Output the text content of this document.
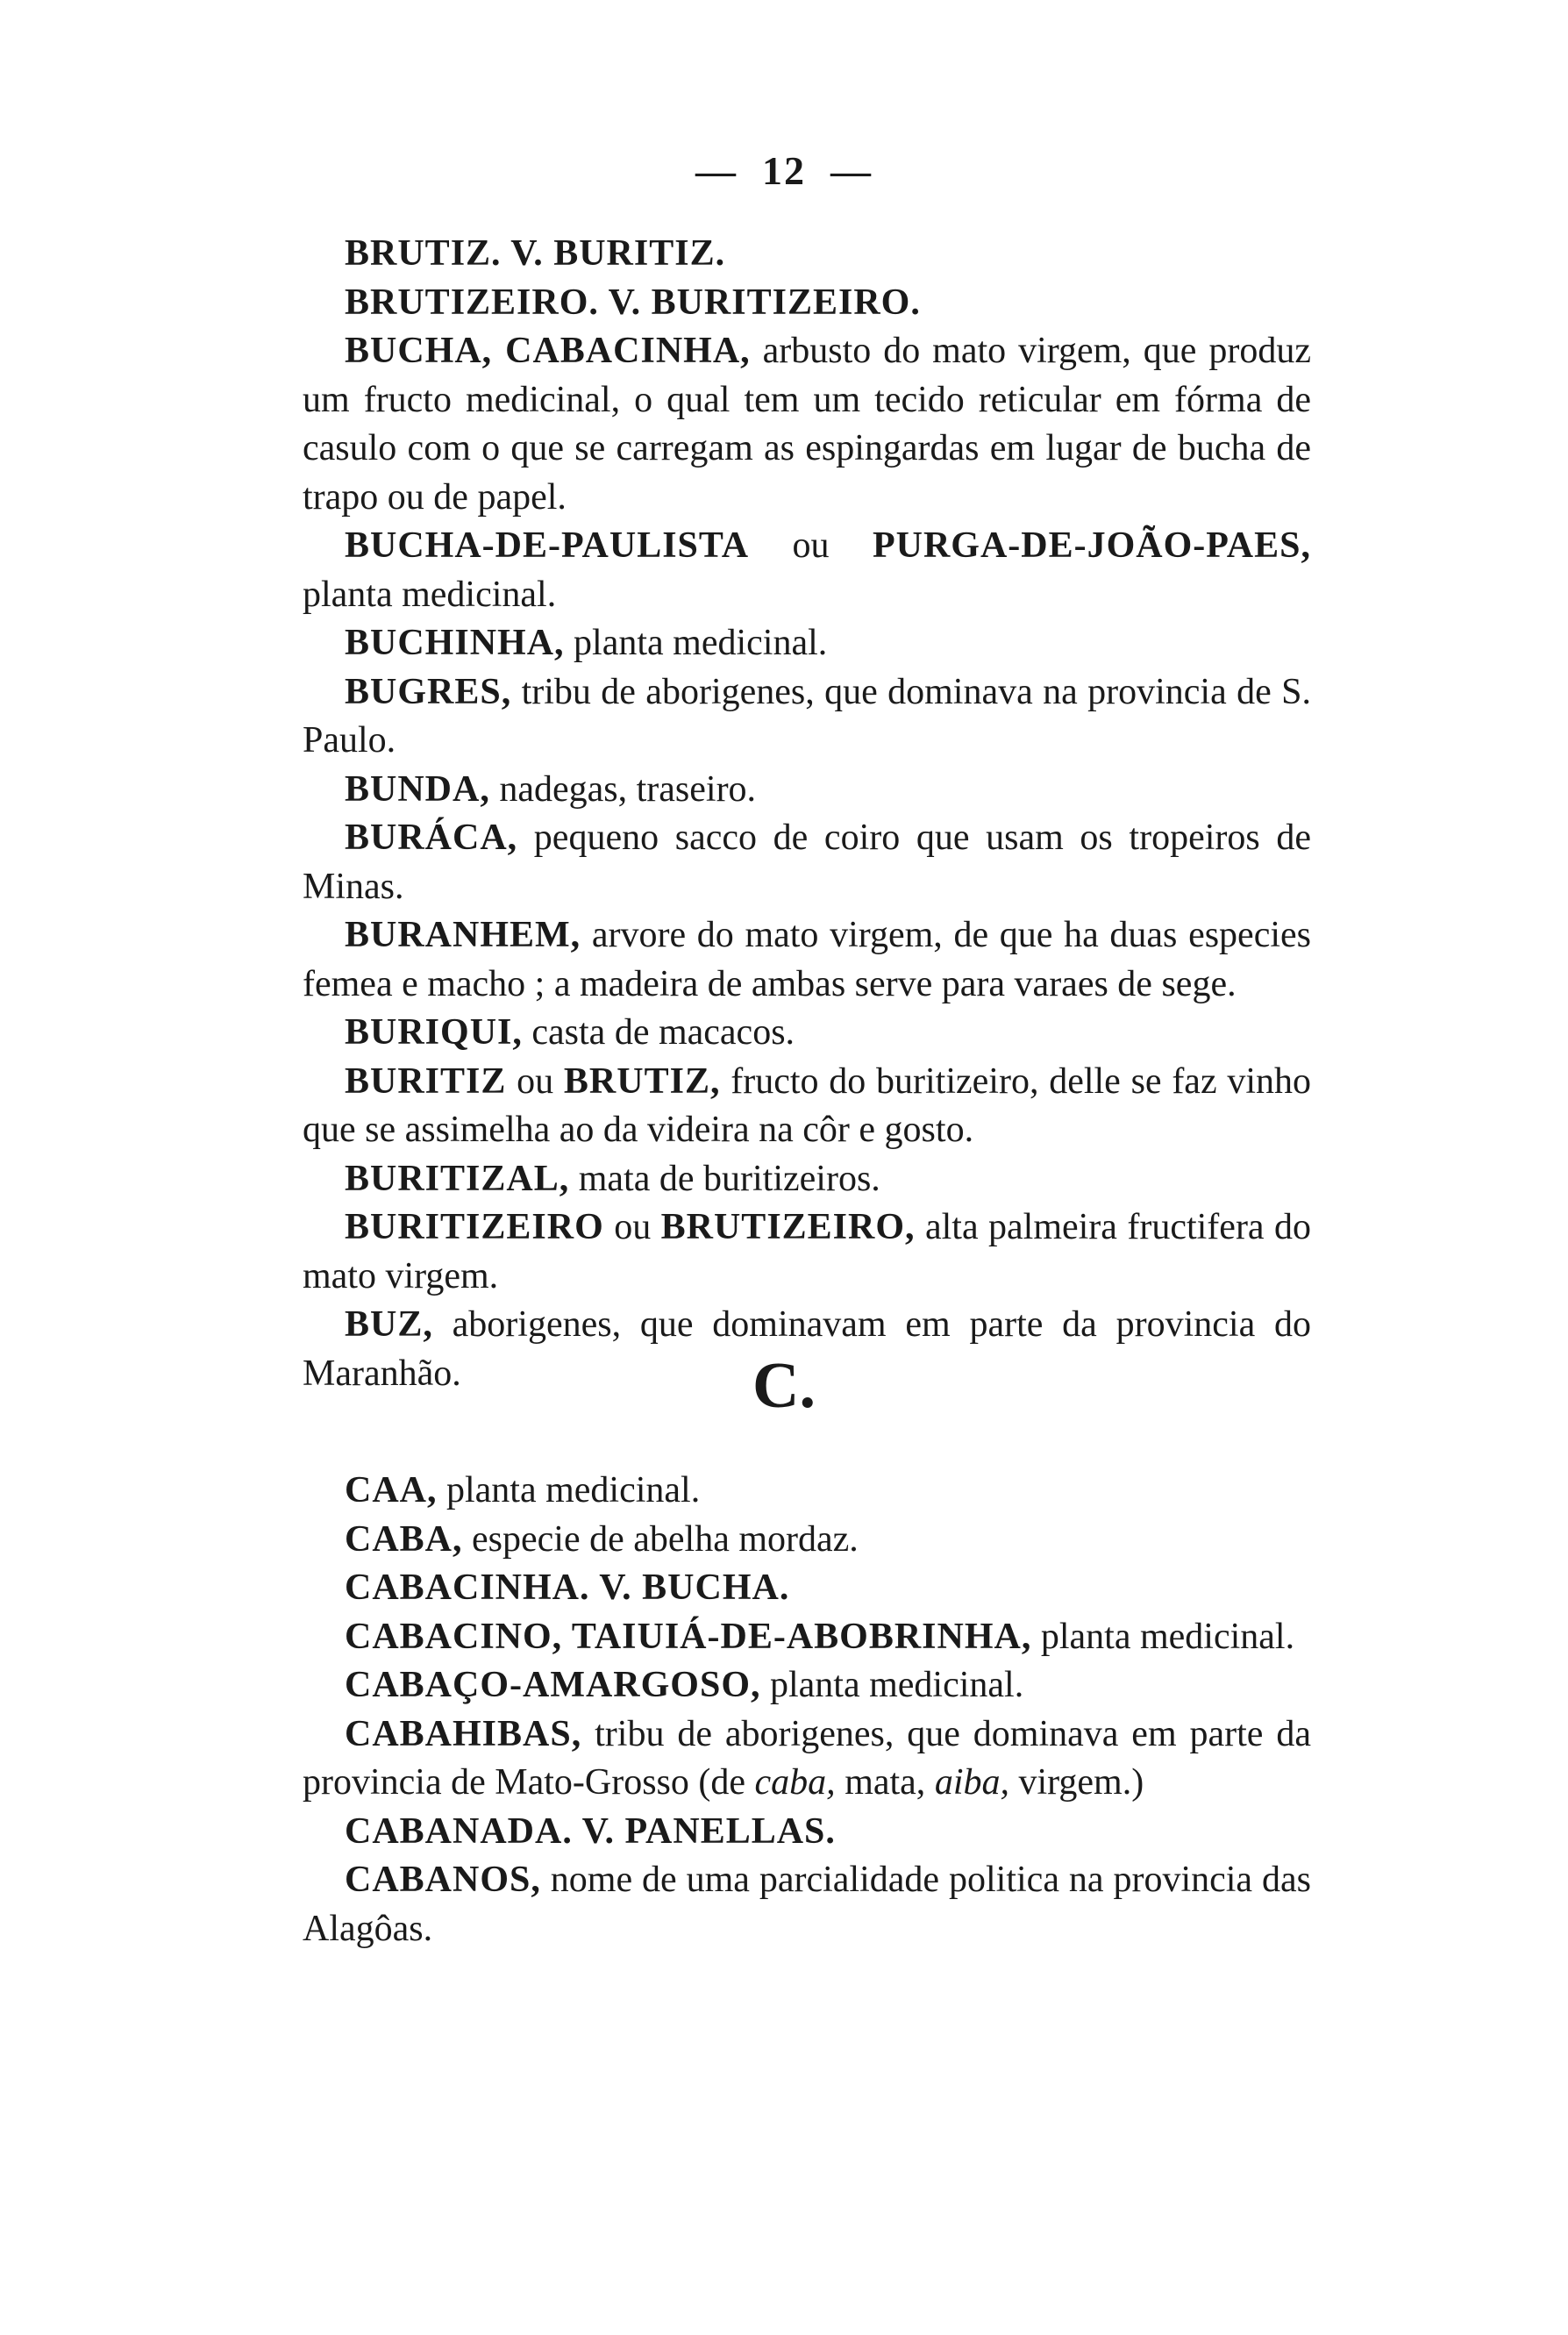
— 12 —

BRUTIZ. V. BURITIZ.

BRUTIZEIRO. V. BURITIZEIRO.

BUCHA, CABACINHA, arbusto do mato virgem, que produz um fructo medicinal, o qual tem um tecido reticular em fórma de casulo com o que se carregam as espingardas em lugar de bucha de trapo ou de papel.

BUCHA-DE-PAULISTA ou PURGA-DE-JOÃO-PAES, planta medicinal.

BUCHINHA, planta medicinal.

BUGRES, tribu de aborigenes, que dominava na provincia de S. Paulo.

BUNDA, nadegas, traseiro.

BURÁCA, pequeno sacco de coiro que usam os tropeiros de Minas.

BURANHEM, arvore do mato virgem, de que ha duas especies femea e macho ; a madeira de ambas serve para varaes de sege.

BURIQUI, casta de macacos.

BURITIZ ou BRUTIZ, fructo do buritizeiro, delle se faz vinho que se assimelha ao da videira na côr e gosto.

BURITIZAL, mata de buritizeiros.

BURITIZEIRO ou BRUTIZEIRO, alta palmeira fructifera do mato virgem.

BUZ, aborigenes, que dominavam em parte da provincia do Maranhão.	C.

CAA, planta medicinal.

CABA, especie de abelha mordaz.

CABACINHA. V. BUCHA.

CABACINO, TAIUIÁ-DE-ABOBRINHA, planta medicinal.

CABAÇO-AMARGOSO, planta medicinal.

CABAHIBAS, tribu de aborigenes, que dominava em parte da provincia de Mato-Grosso (de caba, mata, aiba, virgem.)

CABANADA. V. PANELLAS.

CABANOS, nome de uma parcialidade politica na provincia das Alagôas.
